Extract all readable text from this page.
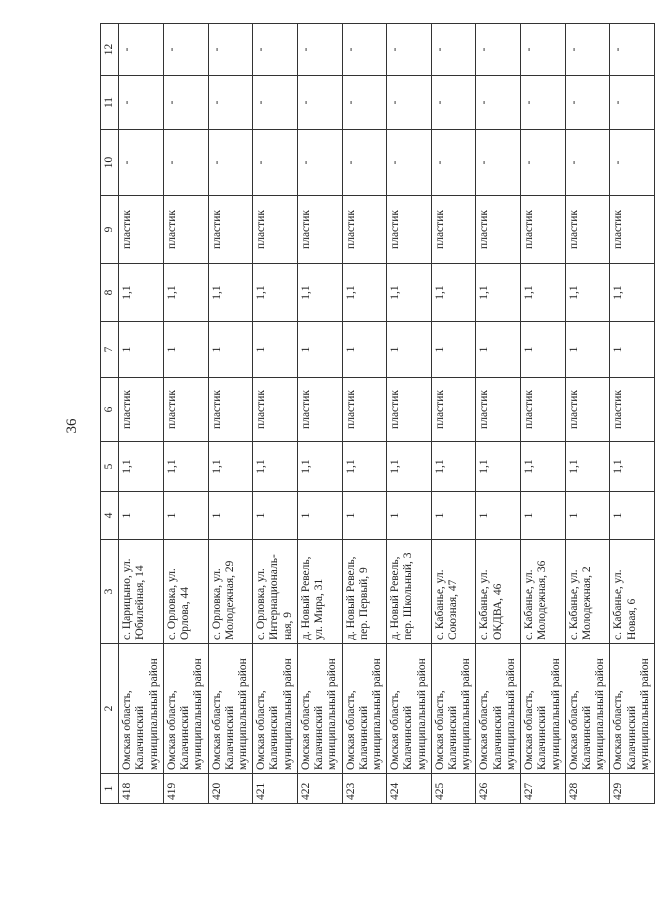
36
1	2	3	4	5	6	7	8	9	10	11	12
418	Омская область, Калачинский муниципальный район	с. Царицыно, ул. Юбилейная, 14	1	1,1	пластик	1	1,1	пластик	-	-	-
419	Омская область, Калачинский муниципальный район	с. Орловка, ул. Орлова, 44	1	1,1	пластик	1	1,1	пластик	-	-	-
420	Омская область, Калачинский муниципальный район	с. Орловка, ул. Молодежная, 29	1	1,1	пластик	1	1,1	пластик	-	-	-
421	Омская область, Калачинский муниципальный район	с. Орловка, ул. Интернациональ-ная, 9	1	1,1	пластик	1	1,1	пластик	-	-	-
422	Омская область, Калачинский муниципальный район	д. Новый Ревель, ул. Мира, 31	1	1,1	пластик	1	1,1	пластик	-	-	-
423	Омская область, Калачинский муниципальный район	д. Новый Ревель, пер. Первый, 9	1	1,1	пластик	1	1,1	пластик	-	-	-
424	Омская область, Калачинский муниципальный район	д. Новый Ревель, пер. Школьный, 3	1	1,1	пластик	1	1,1	пластик	-	-	-
425	Омская область, Калачинский муниципальный район	с. Кабанье, ул. Союзная, 47	1	1,1	пластик	1	1,1	пластик	-	-	-
426	Омская область, Калачинский муниципальный район	с. Кабанье, ул. ОКДВА, 46	1	1,1	пластик	1	1,1	пластик	-	-	-
427	Омская область, Калачинский муниципальный район	с. Кабанье, ул. Молодежная, 36	1	1,1	пластик	1	1,1	пластик	-	-	-
428	Омская область, Калачинский муниципальный район	с. Кабанье, ул. Молодежная, 2	1	1,1	пластик	1	1,1	пластик	-	-	-
429	Омская область, Калачинский муниципальный район	с. Кабанье, ул. Новая, 6	1	1,1	пластик	1	1,1	пластик	-	-	-
